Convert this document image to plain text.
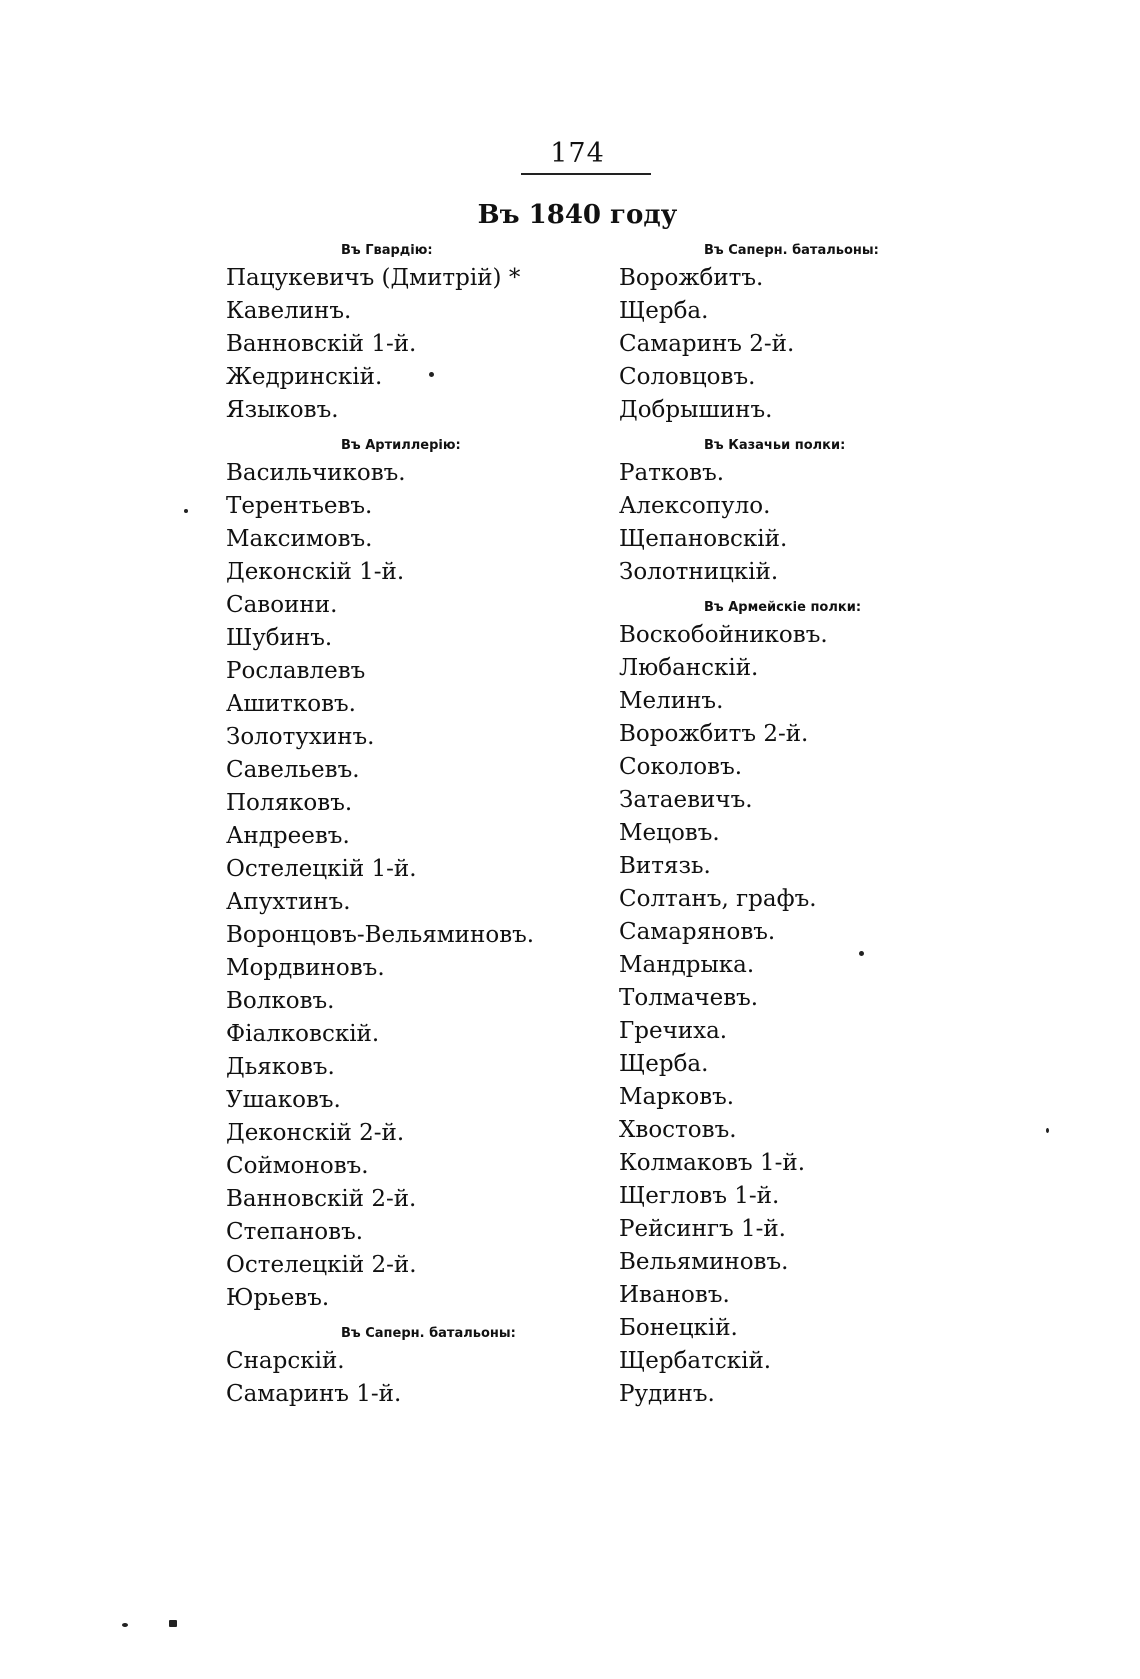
174
Въ 1840 году
Въ Гвардію:
Пацукевичъ (Дмитрій) *
Кавелинъ.
Ванновскій 1-й.
Жедринскій.
Языковъ.
Въ Артиллерію:
Васильчиковъ.
Терентьевъ.
Максимовъ.
Деконскій 1-й.
Савоини.
Шубинъ.
Рославлевъ
Ашитковъ.
Золотухинъ.
Савельевъ.
Поляковъ.
Андреевъ.
Остелецкій 1-й.
Апухтинъ.
Воронцовъ-Вельяминовъ.
Мордвиновъ.
Волковъ.
Фіалковскій.
Дьяковъ.
Ушаковъ.
Деконскій 2-й.
Соймоновъ.
Ванновскій 2-й.
Степановъ.
Остелецкій 2-й.
Юрьевъ.
Въ Саперн. батальоны:
Снарскій.
Самаринъ 1-й.
Въ Саперн. батальоны:
Ворожбитъ.
Щерба.
Самаринъ 2-й.
Соловцовъ.
Добрышинъ.
Въ Казачьи полки:
Ратковъ.
Алексопуло.
Щепановскій.
Золотницкій.
Въ Армейскіе полки:
Воскобойниковъ.
Любанскій.
Мелинъ.
Ворожбитъ 2-й.
Соколовъ.
Затаевичъ.
Мецовъ.
Витязь.
Солтанъ, графъ.
Самаряновъ.
Мандрыка.
Толмачевъ.
Гречиха.
Щерба.
Марковъ.
Хвостовъ.
Колмаковъ 1-й.
Щегловъ 1-й.
Рейсингъ 1-й.
Вельяминовъ.
Ивановъ.
Бонецкій.
Щербатскій.
Рудинъ.
